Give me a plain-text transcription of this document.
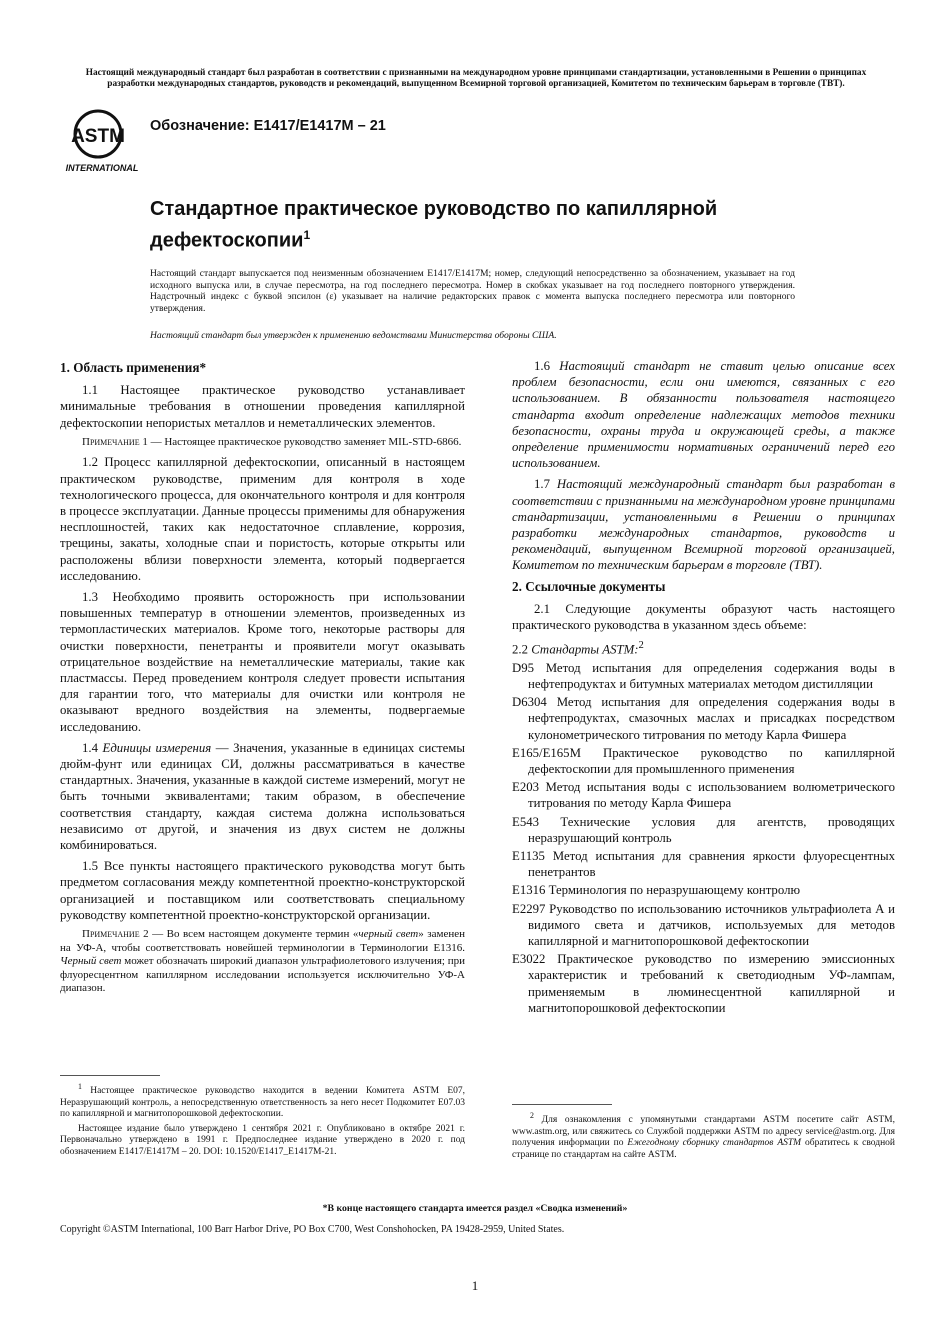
Настоящий международный стандарт был разработан в соответствии с признанными на международном уровне принципами стандартизации, установленными в Решении о принципах разработки международных стандартов, руководств и рекомендаций, выпущенном Всемирной торговой организацией, Комитетом по техническим барьерам в торговле (ТВТ).
ASTM
INTERNATIONAL
Обозначение: E1417/E1417M – 21
Стандартное практическое руководство по капиллярной дефектоскопии$^1$
Настоящий стандарт выпускается под неизменным обозначением E1417/E1417M; номер, следующий непосредственно за обозначением, указывает на год исходного выпуска или, в случае пересмотра, на год последнего пересмотра. Номер в скобках указывает на год последнего повторного утверждения. Надстрочный индекс с буквой эпсилон (ε) указывает на наличие редакторских правок с момента выпуска последнего пересмотра или повторного утверждения.
Настоящий стандарт был утвержден к применению ведомствами Министерства обороны США.
1. Область применения*

1.1 Настоящее практическое руководство устанавливает минимальные требования в отношении проведения капиллярной дефектоскопии непористых металлов и неметаллических элементов.

Примечание 1 — Настоящее практическое руководство заменяет MIL-STD-6866.

1.2 Процесс капиллярной дефектоскопии, описанный в настоящем практическом руководстве, применим для контроля в ходе технологического процесса, для окончательного контроля и для контроля в процессе эксплуатации. Данные процессы применимы для обнаружения несплошностей, таких как недостаточное сплавление, коррозия, трещины, закаты, холодные спаи и пористость, которые открыты или расположены вблизи поверхности элемента, который подвергается исследованию.

1.3 Необходимо проявить осторожность при использовании повышенных температур в отношении элементов, произведенных из термопластических материалов. Кроме того, некоторые растворы для очистки поверхности, пенетранты и проявители могут оказывать отрицательное воздействие на неметаллические материалы, такие как пластмассы. Перед проведением контроля следует провести испытания для гарантии того, что материалы для очистки или контроля не оказывают вредного воздействия на элементы, подвергаемые исследованию.

1.4 Единицы измерения — Значения, указанные в единицах системы дюйм-фунт или единицах СИ, должны рассматриваться в качестве стандартных. Значения, указанные в каждой системе измерений, могут не быть точными эквивалентами; таким образом, в обеспечение соответствия стандарту, каждая система должна использоваться независимо от другой, и значения из двух систем не должны комбинироваться.

1.5 Все пункты настоящего практического руководства могут быть предметом согласования между компетентной проектно-конструкторской организацией и поставщиком или соответствовать специальному руководству компетентной проектно-конструкторской организации.

Примечание 2 — Во всем настоящем документе термин «черный свет» заменен на УФ-А, чтобы соответствовать новейшей терминологии в Терминологии E1316. Черный свет может обозначать широкий диапазон ультрафиолетового излучения; при флуоресцентном капиллярном исследовании используется исключительно УФ-А диапазон.

1.6 Настоящий стандарт не ставит целью описание всех проблем безопасности, если они имеются, связанных с его использованием. В обязанности пользователя настоящего стандарта входит определение надлежащих методов техники безопасности, охраны труда и окружающей среды, а также определение применимости нормативных ограничений перед его использованием.

1.7 Настоящий международный стандарт был разработан в соответствии с признанными на международном уровне принципами стандартизации, установленными в Решении о принципах разработки международных стандартов, руководств и рекомендаций, выпущенном Всемирной торговой организацией, Комитетом по техническим барьерам в торговле (ТВТ).

2. Ссылочные документы

2.1 Следующие документы образуют часть настоящего практического руководства в указанном здесь объеме:

2.2 Стандарты ASTM:$^2$

D95 Метод испытания для определения содержания воды в нефтепродуктах и битумных материалах методом дистилляции

D6304 Метод испытания для определения содержания воды в нефтепродуктах, смазочных маслах и присадках посредством кулонометрического титрования по методу Карла Фишера

E165/E165M Практическое руководство по капиллярной дефектоскопии для промышленного применения

E203 Метод испытания воды с использованием волюметрического титрования по методу Карла Фишера

E543 Технические условия для агентств, проводящих неразрушающий контроль

E1135 Метод испытания для сравнения яркости флуоресцентных пенетрантов

E1316 Терминология по неразрушающему контролю

E2297 Руководство по использованию источников ультрафиолета А и видимого света и датчиков, используемых для методов капиллярной и магнитопорошковой дефектоскопии

E3022 Практическое руководство по измерению эмиссионных характеристик и требований к светодиодным УФ-лампам, применяемым в люминесцентной капиллярной и магнитопорошковой дефектоскопии

$^1$ Настоящее практическое руководство находится в ведении Комитета ASTM E07, Неразрушающий контроль, а непосредственную ответственность за него несет Подкомитет E07.03 по капиллярной и магнитопорошковой дефектоскопии.

Настоящее издание было утверждено 1 сентября 2021 г. Опубликовано в октябре 2021 г. Первоначально утверждено в 1991 г. Предпоследнее издание утверждено в 2020 г. под обозначением E1417/E1417M – 20. DOI: 10.1520/E1417_E1417M-21.

$^2$ Для ознакомления с упомянутыми стандартами ASTM посетите сайт ASTM, www.astm.org, или свяжитесь со Службой поддержки ASTM по адресу service@astm.org. Для получения информации по Ежегодному сборнику стандартов ASTM обратитесь к сводной странице по стандартам на сайте ASTM.

*В конце настоящего стандарта имеется раздел «Сводка изменений»
Copyright ©ASTM International, 100 Barr Harbor Drive, PO Box C700, West Conshohocken, PA 19428-2959, United States.
1
